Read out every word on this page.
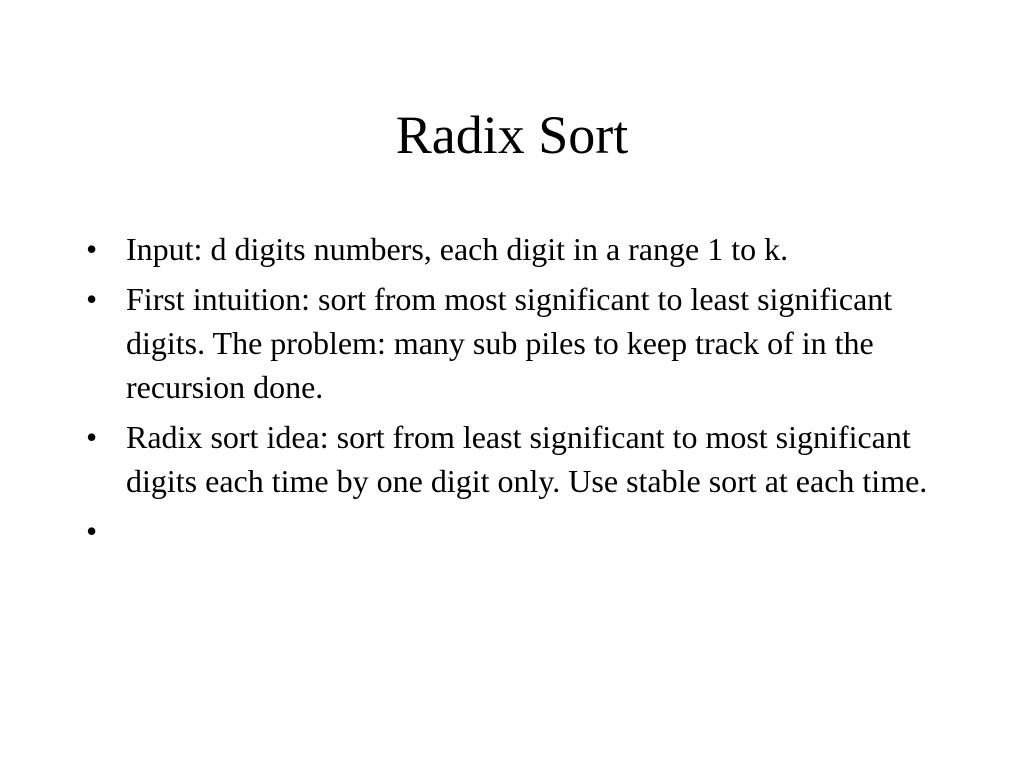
Radix Sort
• Input: d digits numbers, each digit in a range 1 to k.
• First intuition: sort from most significant to least significant digits. The problem: many sub piles to keep track of in the recursion done.
• Radix sort idea: sort from least significant to most significant digits each time by one digit only. Use stable sort at each time.
•
